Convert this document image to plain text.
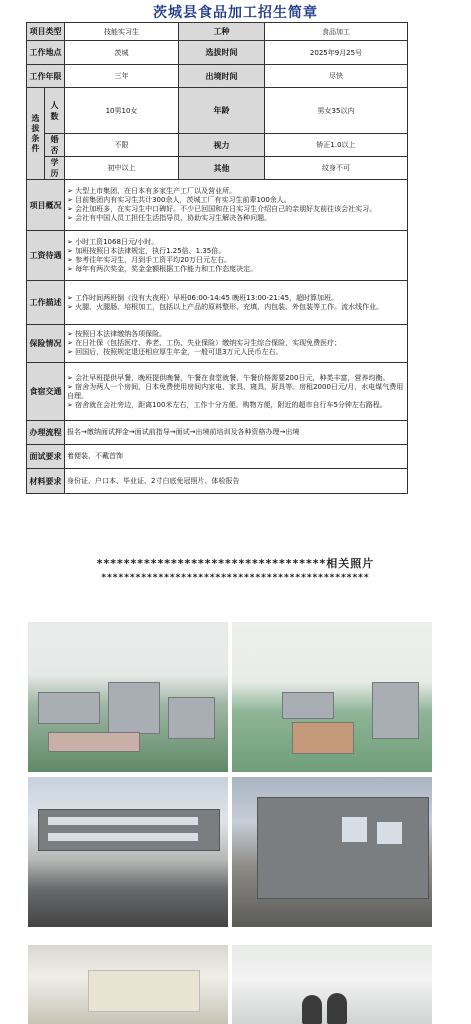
茨城县食品加工招生简章
项目类型		技能实习生	工种	食品加工
工作地点		茨城	选拔时间	2025年9月25号
工作年限		三年	出境时间	尽快
选拔条件	人数	10男10女	年龄	男女35以内
	婚否	不限	视力	矫正1.0以上
	学历	初中以上	其他	纹身不可
项目概况		➢ 大型上市集团，在日本有多家生产工厂以及营业所。
➢ 目前集团内有实习生共计300余人，茨城工厂有实习生前辈100余人。
➢ 会社加班多，在实习生中口碑好。不少已回国和在日实习生介绍自己的亲朋好友前往该会社实习。
➢ 会社有中国人员工担任生活指导员，协助实习生解决各种问题。		

工资待遇		➢ 小时工资1068日元/小时。
➢ 加班按照日本法律规定，执行1.25倍、1.35倍。
➢ 参考往年实习生，月到手工资平均20万日元左右。
➢ 每年有两次奖金，奖金金额根据工作能力和工作态度决定。		

工作描述		➢ 工作时间两班倒（没有大夜班）早班06:00-14:45 晚班13:00-21:45，超时算加班。
➢ 火腿、火腿肠、培根加工，包括以上产品的原料整形、充填、内包装、外包装等工作。流水线作业。		

保险情况		➢ 按照日本法律缴纳各项保险。
➢ 在日社保（包括医疗、养老、工伤、失业保险）缴纳实习生综合保险，实现免费医疗；
➢ 回国后，按照规定退还相应厚生年金，一般可退3万元人民币左右。		

食宿交通		➢ 会社早班提供早餐，晚班提供晚餐，午餐在食堂就餐，午餐价格需要200日元，种类丰富，营养均衡。
➢ 宿舍为两人一个房间，日本免费使用房间内家电、家具、寝具、厨具等。房租2000日元/月，水电煤气费用自理。
➢ 宿舍就在会社旁边，距离100米左右，工作十分方便。购物方便，附近的超市自行车5分钟左右路程。		

办理流程		报名→缴纳面试押金→面试前指导→面试→出境前培训及各种资格办理→出境		
面试要求		着便装、不戴首饰		
材料要求		身份证、户口本、毕业证、2寸白底免冠照片、体检报告		
**********************************相关照片
***********************************************
